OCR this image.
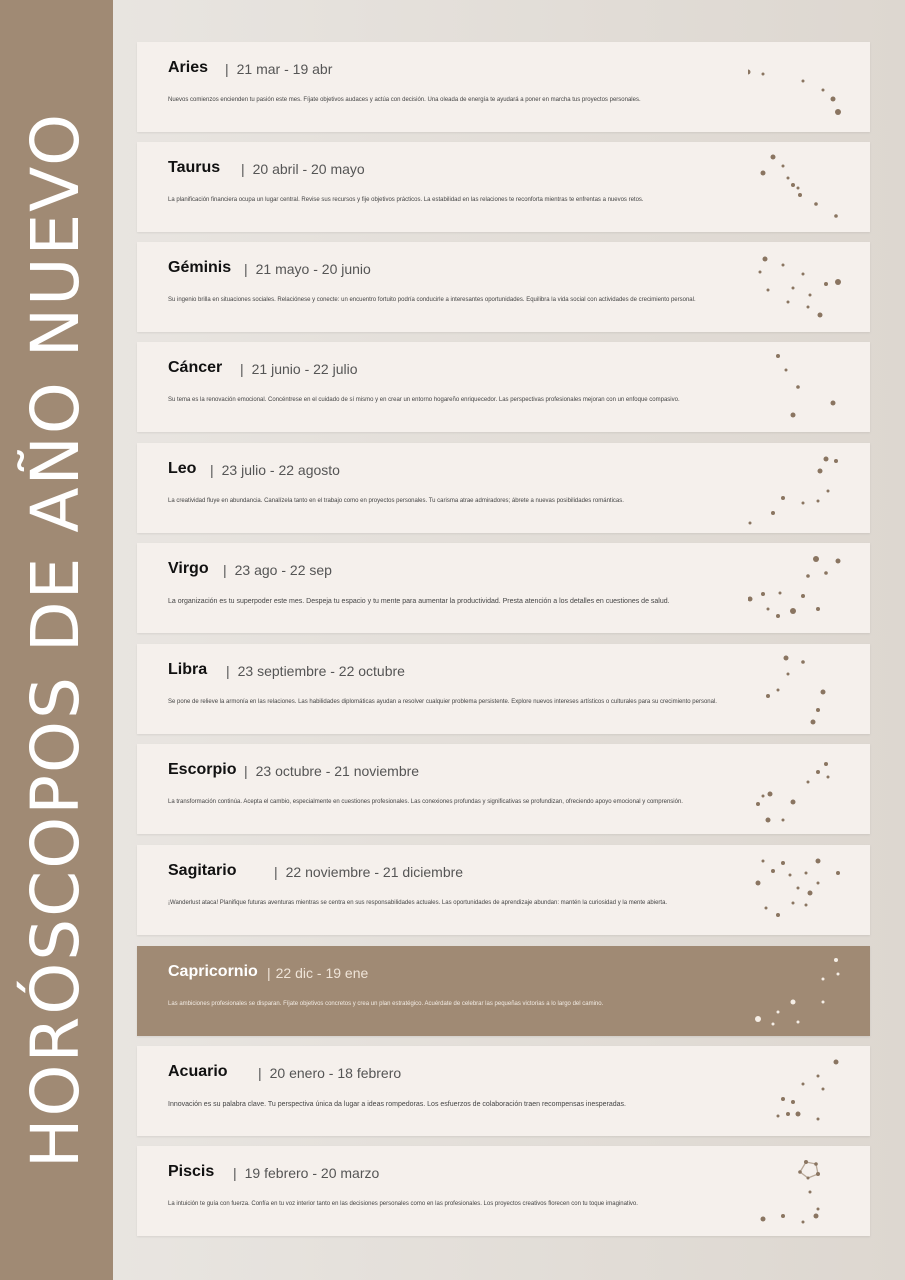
HORÓSCOPOS DE AÑO NUEVO
Aries | 21 mar - 19 abr
Nuevos comienzos encienden tu pasión este mes. Fíjate objetivos audaces y actúa con decisión. Una oleada de energía te ayudará a poner en marcha tus proyectos personales.
Taurus | 20 abril - 20 mayo
La planificación financiera ocupa un lugar central. Revise sus recursos y fije objetivos prácticos. La estabilidad en las relaciones te reconforta mientras te enfrentas a nuevos retos.
Géminis | 21 mayo - 20 junio
Su ingenio brilla en situaciones sociales. Relaciónese y conecte: un encuentro fortuito podría conducirle a interesantes oportunidades. Equilibra la vida social con actividades de crecimiento personal.
Cáncer | 21 junio - 22 julio
Su tema es la renovación emocional. Concéntrese en el cuidado de sí mismo y en crear un entorno hogareño enriquecedor. Las perspectivas profesionales mejoran con un enfoque compasivo.
Leo | 23 julio - 22 agosto
La creatividad fluye en abundancia. Canalízela tanto en el trabajo como en proyectos personales. Tu carisma atrae admiradores; ábrete a nuevas posibilidades románticas.
Virgo | 23 ago - 22 sep
La organización es tu superpoder este mes. Despeja tu espacio y tu mente para aumentar la productividad. Presta atención a los detalles en cuestiones de salud.
Libra | 23 septiembre - 22 octubre
Se pone de relieve la armonía en las relaciones. Las habilidades diplomáticas ayudan a resolver cualquier problema persistente. Explore nuevos intereses artísticos o culturales para su crecimiento personal.
Escorpio | 23 octubre - 21 noviembre
La transformación continúa. Acepta el cambio, especialmente en cuestiones profesionales. Las conexiones profundas y significativas se profundizan, ofreciendo apoyo emocional y comprensión.
Sagitario	| 22 noviembre - 21 diciembre
¡Wanderlust ataca! Planifique futuras aventuras mientras se centra en sus responsabilidades actuales. Las oportunidades de aprendizaje abundan: mantén la curiosidad y la mente abierta.
Capricornio | 22 dic - 19 ene
Las ambiciones profesionales se disparan. Fíjate objetivos concretos y crea un plan estratégico. Acuérdate de celebrar las pequeñas victorias a lo largo del camino.
Acuario | 20 enero - 18 febrero
Innovación es su palabra clave. Tu perspectiva única da lugar a ideas rompedoras. Los esfuerzos de colaboración traen recompensas inesperadas.
Piscis | 19 febrero - 20 marzo
La intuición te guía con fuerza. Confía en tu voz interior tanto en las decisiones personales como en las profesionales. Los proyectos creativos florecen con tu toque imaginativo.
